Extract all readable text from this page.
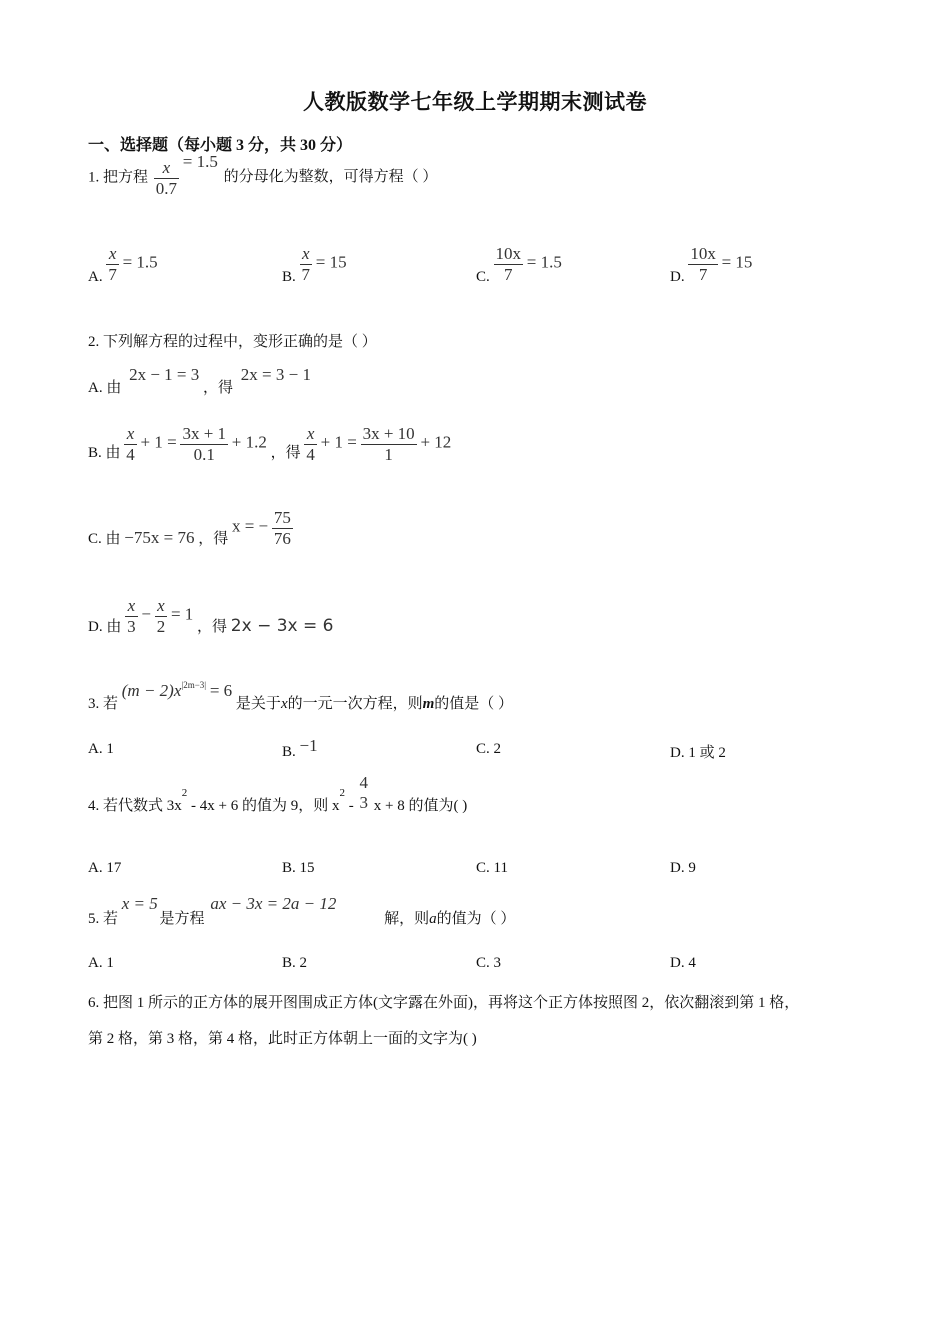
人教版数学七年级上学期期末测试卷
一、选择题（每小题 3 分，共 30 分）
1. 把方程 $\frac{x}{0.7} = 1.5$ 的分母化为整数，可得方程（ ）
A. $\frac{x}{7} = 1.5$
B. $\frac{x}{7} = 15$
C. $\frac{10x}{7} = 1.5$
D. $\frac{10x}{7} = 15$
2. 下列解方程的过程中，变形正确的是（ ）
A. 由 2x − 1 = 3 ，得 2x = 3 − 1
B. 由 $\frac{x}{4} + 1 = \frac{3x + 1}{0.1} + 1.2$ ，得 $\frac{x}{4} + 1 = \frac{3x + 10}{1} + 12$
C. 由 −75x = 76 ，得 x = − $\frac{75}{76}$
D. 由 $\frac{x}{3} - \frac{x}{2} = 1$ ，得 2x − 3x = 6
3. 若 $(m - 2)x^{|2m-3|} = 6$ 是关于x的一元一次方程，则m的值是（ ）
A. 1	B. −1	C. 2	D. 1 或 2
4. 若代数式 $3x^2 - 4x + 6$ 的值为 9，则 $x^2$ -
4
3 x + 8 的值为( )
A. 17	B. 15	C. 11	D. 9
5. 若 x = 5 是方程 ax − 3x = 2a − 12 解，则a的值为（ ）
A. 1	B. 2	C. 3	D. 4
6. 把图 1 所示的正方体的展开图围成正方体(文字露在外面)，再将这个正方体按照图 2，依次翻滚到第 1 格，
第 2 格，第 3 格，第 4 格，此时正方体朝上一面的文字为( )
